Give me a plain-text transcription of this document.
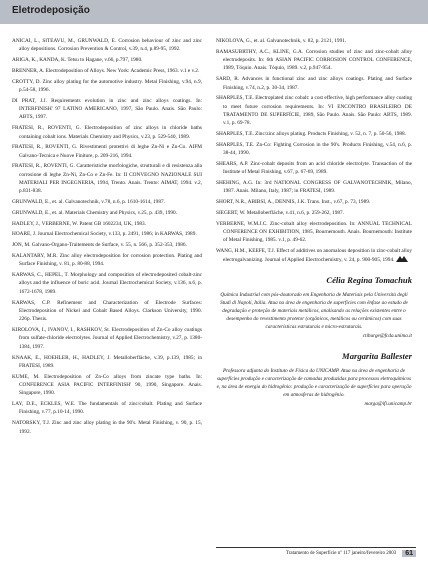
Eletrodeposição
ANICAI, L., SITEAVU, M., GRUNWALD, E. Corrosion behaviour of zinc and zinc alloy depositions. Corrosion Prevention & Control, v.39, n.4, p.89-95, 1992.
ARIGA, K., KANDA, K. Tetsu to Hagane, v.66, p.797, 1980.
BRENNER, A. Electrodeposition of Alloys. New York: Academic Press, 1963. v.1 e v.2.
CROTTY, D. Zinc alloy plating for the automotive industry. Metal Finishing, v.94, n.9, p.54-58, 1996.
DI PRAT, J.J. Requirements evolution in zinc and zinc alloys coatings. In: INTERFINISH' 97 LATINO AMERICANO, 1997, São Paulo. Anais. São Paulo: ABTS, 1997.
FRATESI, R., ROVENTI, G. Electrodeposition of zinc alloys in chloride baths containing cobalt ions. Materials Chemistry and Physics, v.23, p. 529-540, 1989.
FRATESI, R., ROVENTI, G. Rivestimenti protettivi di leghe Zn-Ni e Zn-Co. AIFM Galvano-Tecnica e Nuove Finiture, p. 209-216, 1994.
FRATESI, R., ROVENTI, G. Caratteristiche morfologiche, strutturali e di resistenza alla corrosione di leghe Zn-Ni, Zn-Co e Zn-Fe. In: II CONVEGNO NAZIONALE SUI MATERIALI PER INGEGNERIA, 1994, Trento. Anais. Trento: AIMAT, 1994. v.2, p.831-838.
GRUNWALD, E., et. al. Galvanotechnik, v.78, n.6, p. 1610-1614, 1987.
GRUNWALD, E., et. al. Materials Chemistry and Physics, v.25, p. 439, 1990.
HADLEY, J., VERBERNE, W. Patent GB 1602234, UK, 1983.
HOARE, J. Journal Electrochemical Society, v.133, p. 2491, 1986; in KARWAS, 1989.
JON, M. Galvano-Organo-Traitements de Surface, v. 55, n. 566, p. 352-353, 1986.
KALANTARY, M.R. Zinc alloy electrodeposition for corrosion protection. Plating and Surface Finishing, v. 81, p. 80-88, 1994.
KARWAS, C., HEPEL, T. Morphology and composition of electrodeposited cobalt-zinc alloys and the influence of boric acid. Journal Electrochemical Society, v.136, n.6, p. 1672-1678, 1989.
KARWAS, C.P. Refinement and Characterization of Electrode Surfaces: Electrodeposition of Nickel and Cobalt Based Alloys. Clarkson University, 1990. 226p. Thesis.
KIROLOVA, I., IVANOV, I., RASHKOV, St. Electrodeposition of Zn-Co alloy coatings from sulfate-chloride electrolytes. Journal of Applied Electrochemistry, v.27, p. 1380-1384, 1997.
KNAAK, E., HOEHLER, H., HADLEY, J. Metalloberfläche, v.39, p.139, 1985; in FRATESI, 1989.
KUME, M. Electrodeposition of Zn-Co alloys from zincate type baths. In: CONFERENCE ASIA PACIFIC INTERFINISH' 90, 1990, Singapore. Anais. Singapore, 1990.
LAY, D.E., ECKLES, W.E. The fundamentals of zinc/cobalt. Plating and Surface Finishing, v.77, p.10-14, 1990.
NATORSKY, T.J. Zinc and zinc alloy plating in the 90's. Metal Finishing, v. 90, p. 15, 1992.
NIKOLOVA, G., et. al. Galvanotechnik, v. 82, p. 2121, 1991.
RAMASUBRTHY, A.C., KLINE, G.A. Corrosion studies of zinc and zinc-cobalt alloy electrodeposits. In: 6th ASIAN PACIFIC CORROSION CONTROL CONFERENCE, 1989, Tóquio. Anais. Tóquio, 1989. v.2, p.947-954.
SARD, R. Advances in functional zinc and zinc alloys coatings. Plating and Surface Finishing, v.74, n.2, p. 30-34, 1987.
SHARPLES, T.E. Electroplated zinc cobalt: a cost effective, high performance alloy coating to meet future corrosion requirements. In: VI ENCONTRO BRASILEIRO DE TRATAMENTO DE SUPERFÍCIE, 1989, São Paulo. Anais. São Paulo: ABTS, 1989. v.1, p. 69-78.
SHARPLES, T.E. Zinc/zinc alloys plating. Products Finishing, v. 52, n. 7, p. 50-56, 1988.
SHARPLES, T.E. Zn-Co: Fighting Corrosion in the 90's. Products Finishing, v.54, n.6, p. 38-44, 1990.
SHEARS, A.P. Zinc-cobalt deposits from an acid chloride electrolyte. Transaction of the Institute of Metal Finishing, v.67, p. 67-69, 1989.
SHEHING, A.G. In: 3rd NATIONAL CONGRESS OF GALVANOTECHNIK, Milano, 1987. Anais. Milano, Italy, 1987; in FRATESI, 1989.
SHORT, N.R., ABIBSI, A., DENNIS, J.K. Trans. Inst., v.67, p. 73, 1989.
SIEGERT, W. Metalloberfläche, v.41, n.6, p. 259-262, 1987.
VERBERNE, W.M.J.C. Zinc-cobalt alloy electrodeposition. In: ANNUAL TECHNICAL CONFERENCE ON EXHIBITION, 1985, Bournemouth. Anais. Bournemouth: Institute of Metal Finishing, 1985. v.1, p. 49-62.
WANG, H.M., KEEFE, T.J. Effect of additives on anomalous deposition in zinc-cobalt alloy electrogalvanizing. Journal of Applied Electrochemistry, v. 24, p. 900-905, 1994.
Célia Regina Tomachuk
Química Industrial com pós-doutorado em Engenharia de Materiais pela Università degli Studi di Napoli, Itália. Atua na área de engenharia de superfícies com ênfase ao estudo de degradação e proteção de materiais metálicos, analisando as relações existentes entre o desempenho do revestimento protetor (orgânicos, metálicos ou cerâmicos) com suas características estruturais e micro-estruturais.
ctiburge@fcda.unima.it
Margarita Ballester
Professora adjunta do Instituto de Física da UNICAMP. Atua na área de engenharia de superfícies produção e caracterização de camadas produzidas para processos eletroquímicos e, na área de energia do hidrogênio: produção e caracterização de superfícies para operação em atmosferas de hidrogênio.
marga@ifi.unicamp.br
Tratamento de Superfície nº 117 janeiro/fevereiro 2003	61
